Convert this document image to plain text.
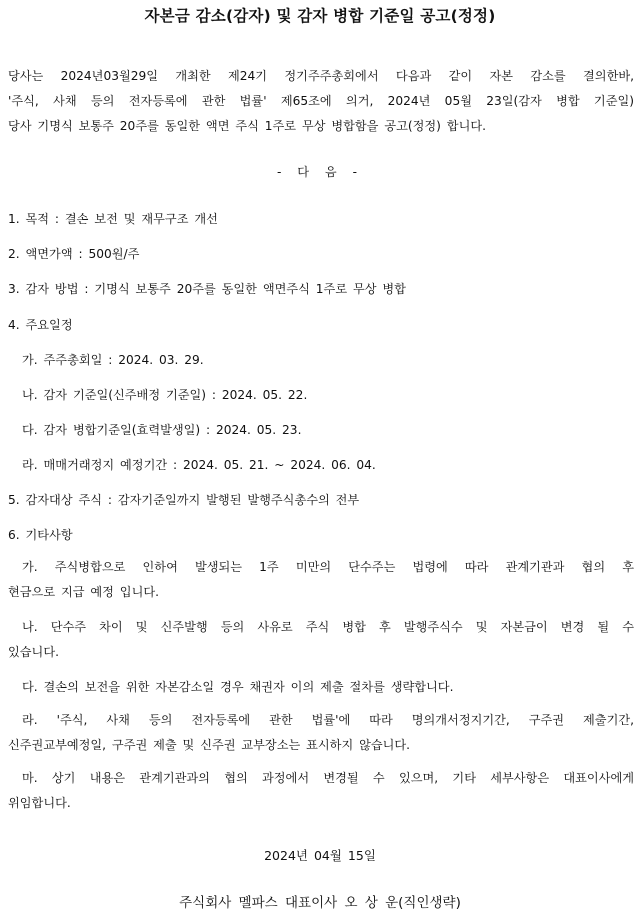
자본금 감소(감자) 및 감자 병합 기준일 공고(정정)
당사는 2024년03월29일 개최한 제24기 정기주주총회에서 다음과 같이 자본 감소를 결의한바,
'주식, 사채 등의 전자등록에 관한 법률' 제65조에 의거, 2024년 05월 23일(감자 병합 기준일)
당사 기명식 보통주 20주를 동일한 액면 주식 1주로 무상 병합함을 공고(정정) 합니다.
- 다 음 -
1. 목적 : 결손 보전 및 재무구조 개선
2. 액면가액 : 500원/주
3. 감자 방법 : 기명식 보통주 20주를 동일한 액면주식 1주로 무상 병합
4. 주요일정
가. 주주총회일 : 2024. 03. 29.
나. 감자 기준일(신주배정 기준일) : 2024. 05. 22.
다. 감자 병합기준일(효력발생일) : 2024. 05. 23.
라. 매매거래정지 예정기간 : 2024. 05. 21. ~ 2024. 06. 04.
5. 감자대상 주식 : 감자기준일까지 발행된 발행주식총수의 전부
6. 기타사항
가. 주식병합으로 인하여 발생되는 1주 미만의 단수주는 법령에 따라 관계기관과 협의 후
현금으로 지급 예정 입니다.
나. 단수주 차이 및 신주발행 등의 사유로 주식 병합 후 발행주식수 및 자본금이 변경 될 수
있습니다.
다. 결손의 보전을 위한 자본감소일 경우 채권자 이의 제출 절차를 생략합니다.
라. '주식, 사채 등의 전자등록에 관한 법률'에 따라 명의개서정지기간, 구주권 제출기간,
신주권교부예정일, 구주권 제출 및 신주권 교부장소는 표시하지 않습니다.
마. 상기 내용은 관계기관과의 협의 과정에서 변경될 수 있으며, 기타 세부사항은 대표이사에게
위임합니다.
2024년 04월 15일
주식회사 멜파스 대표이사 오 상 운(직인생략)
